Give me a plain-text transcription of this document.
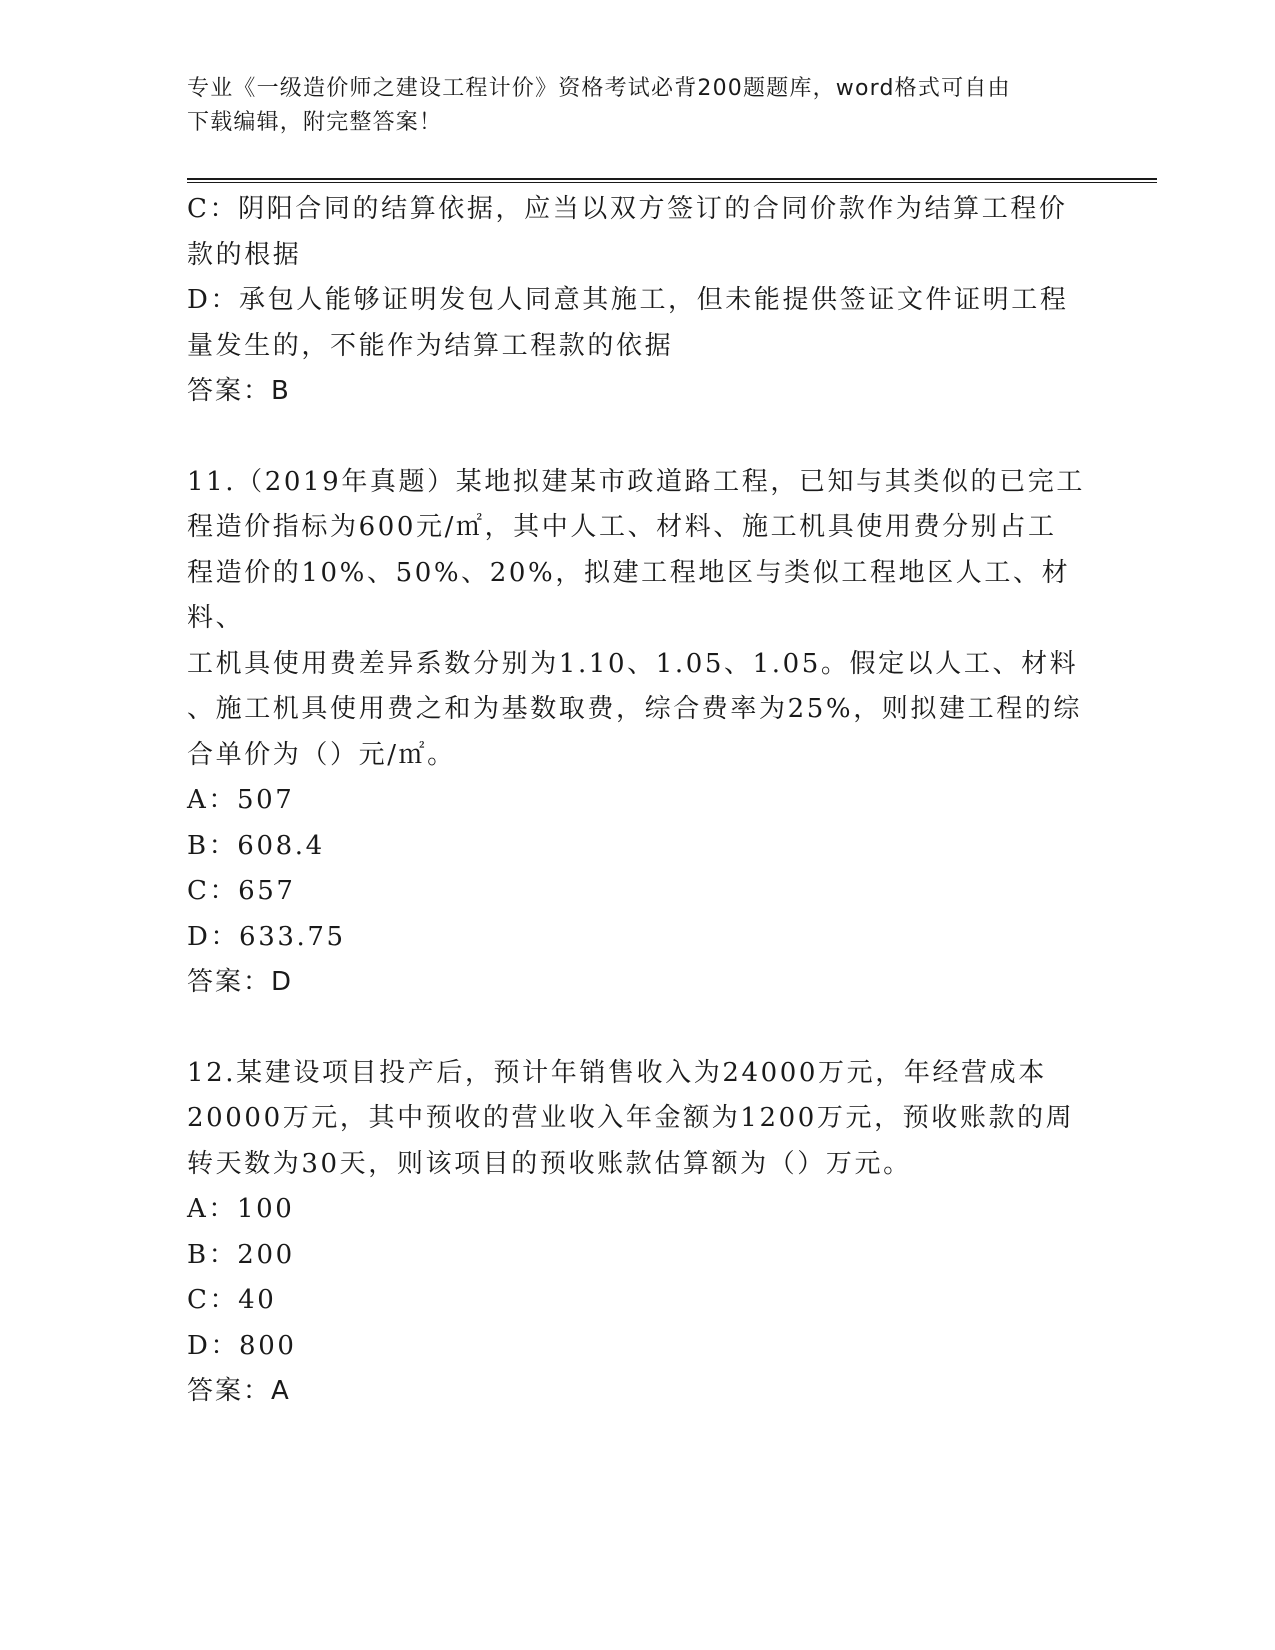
专业《一级造价师之建设工程计价》资格考试必背200题题库，word格式可自由
下载编辑，附完整答案！
C：阴阳合同的结算依据，应当以双方签订的合同价款作为结算工程价
款的根据
D：承包人能够证明发包人同意其施工，但未能提供签证文件证明工程
量发生的，不能作为结算工程款的依据
答案：B
11.（2019年真题）某地拟建某市政道路工程，已知与其类似的已完工
程造价指标为600元/㎡，其中人工、材料、施工机具使用费分别占工
程造价的10%、50%、20%，拟建工程地区与类似工程地区人工、材料、
工机具使用费差异系数分别为1.10、1.05、1.05。假定以人工、材料
、施工机具使用费之和为基数取费，综合费率为25%，则拟建工程的综
合单价为（）元/㎡。
A：507
B：608.4
C：657
D：633.75
答案：D
12.某建设项目投产后，预计年销售收入为24000万元，年经营成本
20000万元，其中预收的营业收入年金额为1200万元，预收账款的周
转天数为30天，则该项目的预收账款估算额为（）万元。
A：100
B：200
C：40
D：800
答案：A
